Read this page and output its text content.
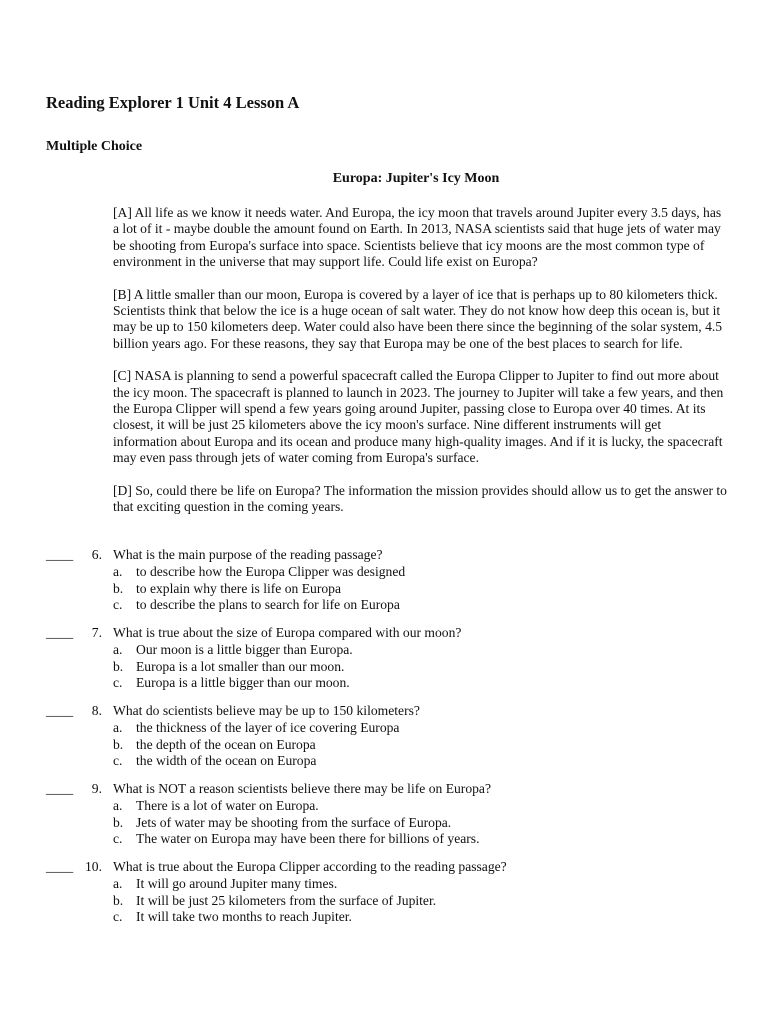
Reading Explorer 1 Unit 4 Lesson A
Multiple Choice
Europa: Jupiter's Icy Moon

[A] All life as we know it needs water. And Europa, the icy moon that travels around Jupiter every 3.5 days, has a lot of it - maybe double the amount found on Earth. In 2013, NASA scientists said that huge jets of water may be shooting from Europa's surface into space. Scientists believe that icy moons are the most common type of environment in the universe that may support life. Could life exist on Europa?

[B] A little smaller than our moon, Europa is covered by a layer of ice that is perhaps up to 80 kilometers thick. Scientists think that below the ice is a huge ocean of salt water. They do not know how deep this ocean is, but it may be up to 150 kilometers deep. Water could also have been there since the beginning of the solar system, 4.5 billion years ago. For these reasons, they say that Europa may be one of the best places to search for life.

[C] NASA is planning to send a powerful spacecraft called the Europa Clipper to Jupiter to find out more about the icy moon. The spacecraft is planned to launch in 2023. The journey to Jupiter will take a few years, and then the Europa Clipper will spend a few years going around Jupiter, passing close to Europa over 40 times. At its closest, it will be just 25 kilometers above the icy moon's surface. Nine different instruments will get information about Europa and its ocean and produce many high-quality images. And if it is lucky, the spacecraft may even pass through jets of water coming from Europa's surface.

[D] So, could there be life on Europa? The information the mission provides should allow us to get the answer to that exciting question in the coming years.

____	6. What is the main purpose of the reading passage?
a. to describe how the Europa Clipper was designed
b. to explain why there is life on Europa
c. to describe the plans to search for life on Europa
____	7. What is true about the size of Europa compared with our moon?
a. Our moon is a little bigger than Europa.
b. Europa is a lot smaller than our moon.
c. Europa is a little bigger than our moon.
____	8. What do scientists believe may be up to 150 kilometers?
a. the thickness of the layer of ice covering Europa
b. the depth of the ocean on Europa
c. the width of the ocean on Europa
____	9. What is NOT a reason scientists believe there may be life on Europa?
a. There is a lot of water on Europa.
b. Jets of water may be shooting from the surface of Europa.
c. The water on Europa may have been there for billions of years.
____ 10. What is true about the Europa Clipper according to the reading passage?
a. It will go around Jupiter many times.
b. It will be just 25 kilometers from the surface of Jupiter.
c. It will take two months to reach Jupiter.
